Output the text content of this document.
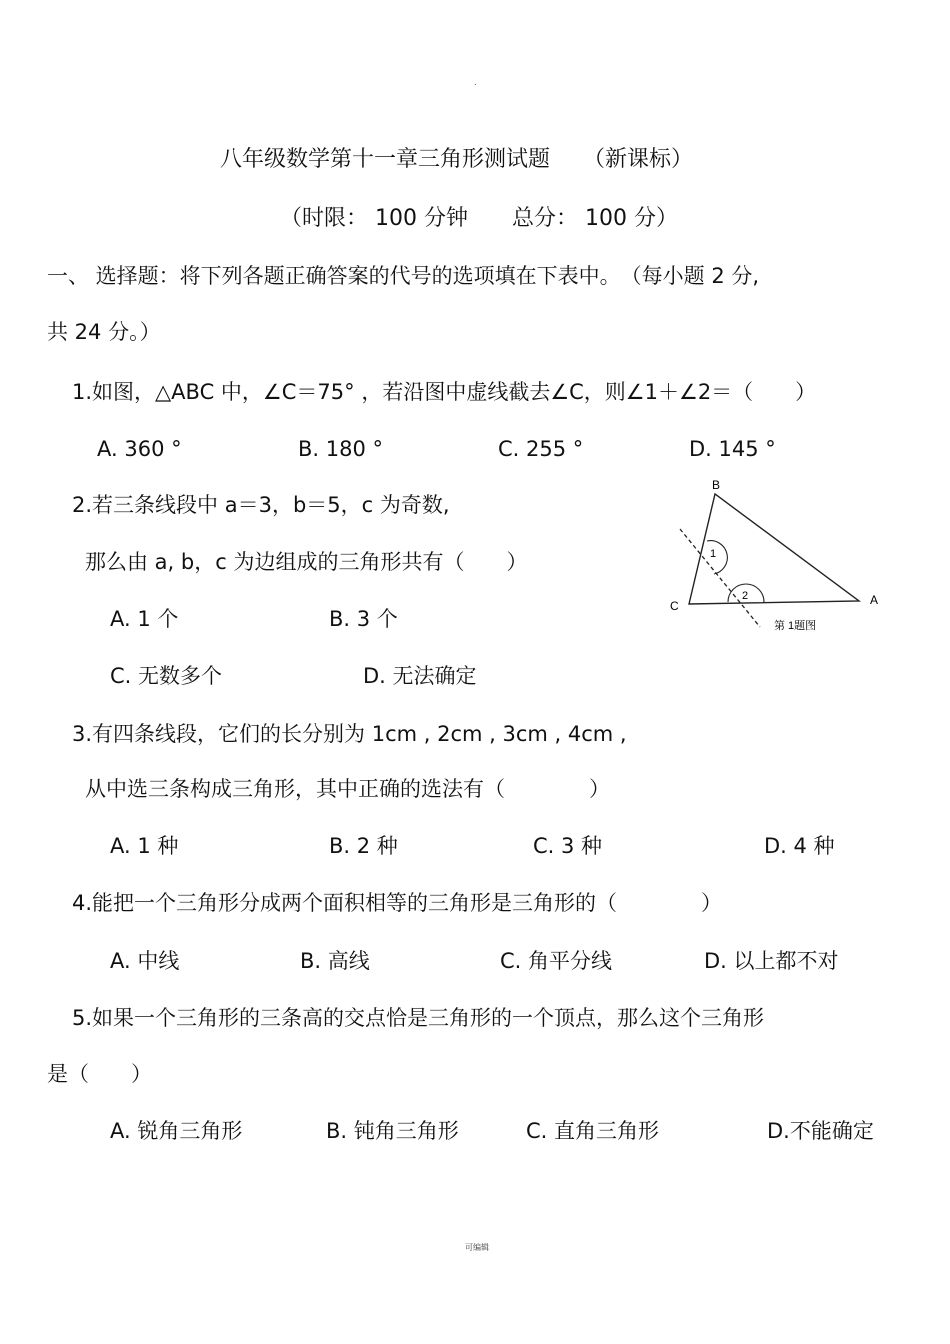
.
八年级数学第十一章三角形测试题　　（新课标）
（时限： 100 分钟　　总分： 100 分）
一、 选择题：将下列各题正确答案的代号的选项填在下表中。　（每小题 2 分,
共 24 分。）
1.如图，△ABC 中，∠C＝75° ，若沿图中虚线截去∠C，则∠1＋∠2＝（　　）
A. 360 °	B. 180 °	C. 255 °	D. 145 °
2.若三条线段中 a＝3，b＝5，c 为奇数,
那么由 a, b，c 为边组成的三角形共有（　　）
A. 1 个	B. 3 个
C. 无数多个	D. 无法确定
B
C	A
1
2
第 1题图
3.有四条线段，它们的长分别为 1cm , 2cm , 3cm , 4cm ,
从中选三条构成三角形，其中正确的选法有（　　　　）
A. 1 种	B. 2 种	C. 3 种	D. 4 种
4.能把一个三角形分成两个面积相等的三角形是三角形的（　　　　）
A. 中线	B. 高线	C. 角平分线	D. 以上都不对
5.如果一个三角形的三条高的交点恰是三角形的一个顶点，那么这个三角形
是（　　）
A. 锐角三角形	B. 钝角三角形	C. 直角三角形	D.不能确定
可编辑
